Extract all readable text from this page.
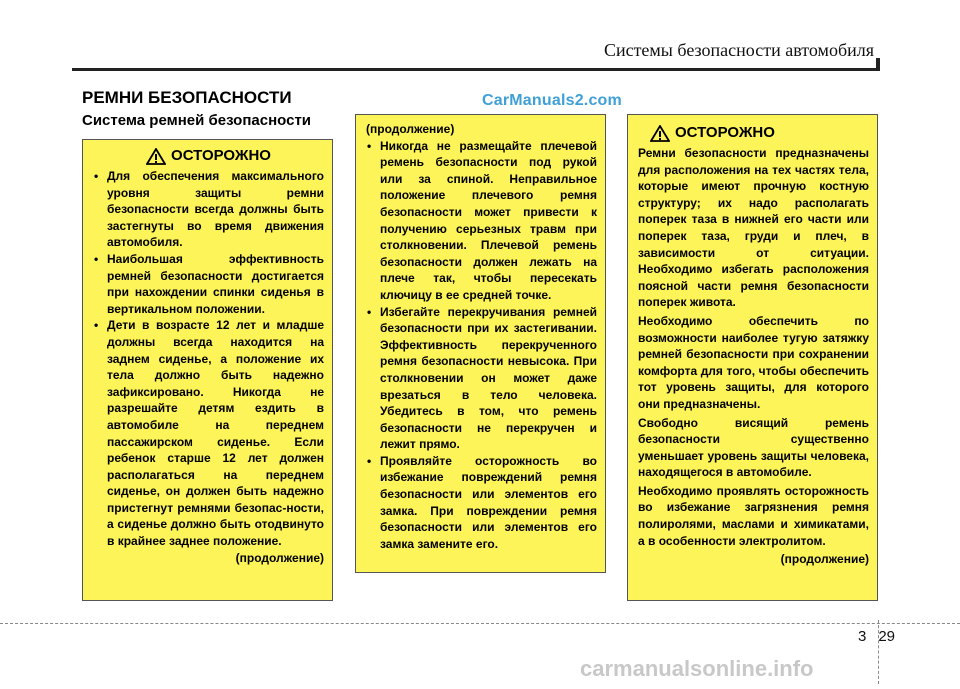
Системы безопасности автомобиля
РЕМНИ БЕЗОПАСНОСТИ	CarManuals2.com
Система ремней безопасности
ОСТОРОЖНО
• Для обеспечения максимального уровня защиты ремни безопасности всегда должны быть застегнуты во время движения автомобиля.
• Наибольшая эффективность ремней безопасности достигается при нахождении спинки сиденья в вертикальном положении.
• Дети в возрасте 12 лет и младше должны всегда находится на заднем сиденье, а положение их тела должно быть надежно зафиксировано. Никогда не разрешайте детям ездить в автомобиле на переднем пассажирском сиденье. Если ребенок старше 12 лет должен располагаться на переднем сиденье, он должен быть надежно пристегнут ремнями безопас-ности, а сиденье должно быть отодвинуто в крайнее заднее положение.
(продолжение)
(продолжение)
• Никогда не размещайте плечевой ремень безопасности под рукой или за спиной. Неправильное положение плечевого ремня безопасности может привести к получению серьезных травм при столкновении. Плечевой ремень безопасности должен лежать на плече так, чтобы пересекать ключицу в ее средней точке.
• Избегайте перекручивания ремней безопасности при их застегивании. Эффективность перекрученного ремня безопасности невысока. При столкновении он может даже врезаться в тело человека. Убедитесь в том, что ремень безопасности не перекручен и лежит прямо.
• Проявляйте осторожность во избежание повреждений ремня безопасности или элементов его замка. При повреждении ремня безопасности или элементов его замка замените его.
ОСТОРОЖНО

Ремни безопасности предназначены для расположения на тех частях тела, которые имеют прочную костную структуру; их надо располагать поперек таза в нижней его части или поперек таза, груди и плеч, в зависимости от ситуации. Необходимо избегать расположения поясной части ремня безопасности поперек живота.

Необходимо обеспечить по возможности наиболее тугую затяжку ремней безопасности при сохранении комфорта для того, чтобы обеспечить тот уровень защиты, для которого они предназначены.

Свободно висящий ремень безопасности существенно уменьшает уровень защиты человека, находящегося в автомобиле.

Необходимо проявлять осторожность во избежание загрязнения ремня полиролями, маслами и химикатами, а в особенности электролитом.

(продолжение)
3 29
carmanualsonline.info
